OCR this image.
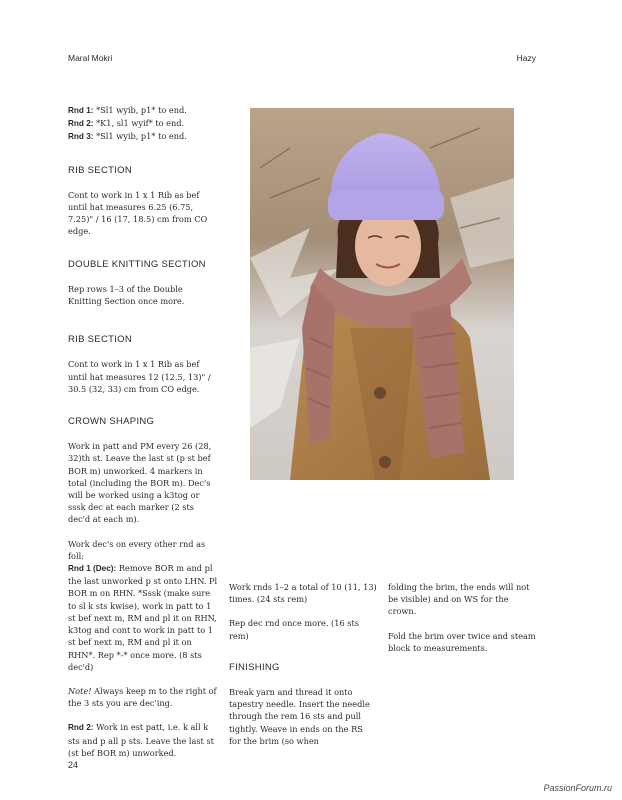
Maral Mokri	Hazy

Rnd 1: *Sl1 wyib, p1* to end.

Rnd 2: *K1, sl1 wyif* to end.

Rnd 3: *Sl1 wyib, p1* to end.

RIB SECTION

Cont to work in 1 x 1 Rib as bef until hat measures 6.25 (6.75, 7.25)" / 16 (17, 18.5) cm from CO edge.

DOUBLE KNITTING SECTION

Rep rows 1–3 of the Double Knitting Section once more.

RIB SECTION

Cont to work in 1 x 1 Rib as bef until hat measures 12 (12.5, 13)" / 30.5 (32, 33) cm from CO edge.

CROWN SHAPING

Work in patt and PM every 26 (28, 32)th st. Leave the last st (p st bef BOR m) unworked. 4 markers in total (including the BOR m). Dec's will be worked using a k3tog or sssk dec at each marker (2 sts dec'd at each m).

Work dec's on every other rnd as foll:

Rnd 1 (Dec): Remove BOR m and pl the last unworked p st onto LHN. Pl BOR m on RHN. *Sssk (make sure to sl k sts kwise), work in patt to 1 st bef next m, RM and pl it on RHN, k3tog and cont to work in patt to 1 st bef next m, RM and pl it on RHN*. Rep *-* once more. (8 sts dec'd)

Note! Always keep m to the right of the 3 sts you are dec'ing.

Rnd 2: Work in est patt, i.e. k all k sts and p all p sts. Leave the last st (st bef BOR m) unworked.

Work rnds 1–2 a total of 10 (11, 13) times. (24 sts rem)

Rep dec rnd once more. (16 sts rem)

FINISHING

Break yarn and thread it onto tapestry needle. Insert the needle through the rem 16 sts and pull tightly. Weave in ends on the RS for the brim (so when

folding the brim, the ends will not be visible) and on WS for the crown.

Fold the brim over twice and steam block to measurements.

24
PassionForum.ru
